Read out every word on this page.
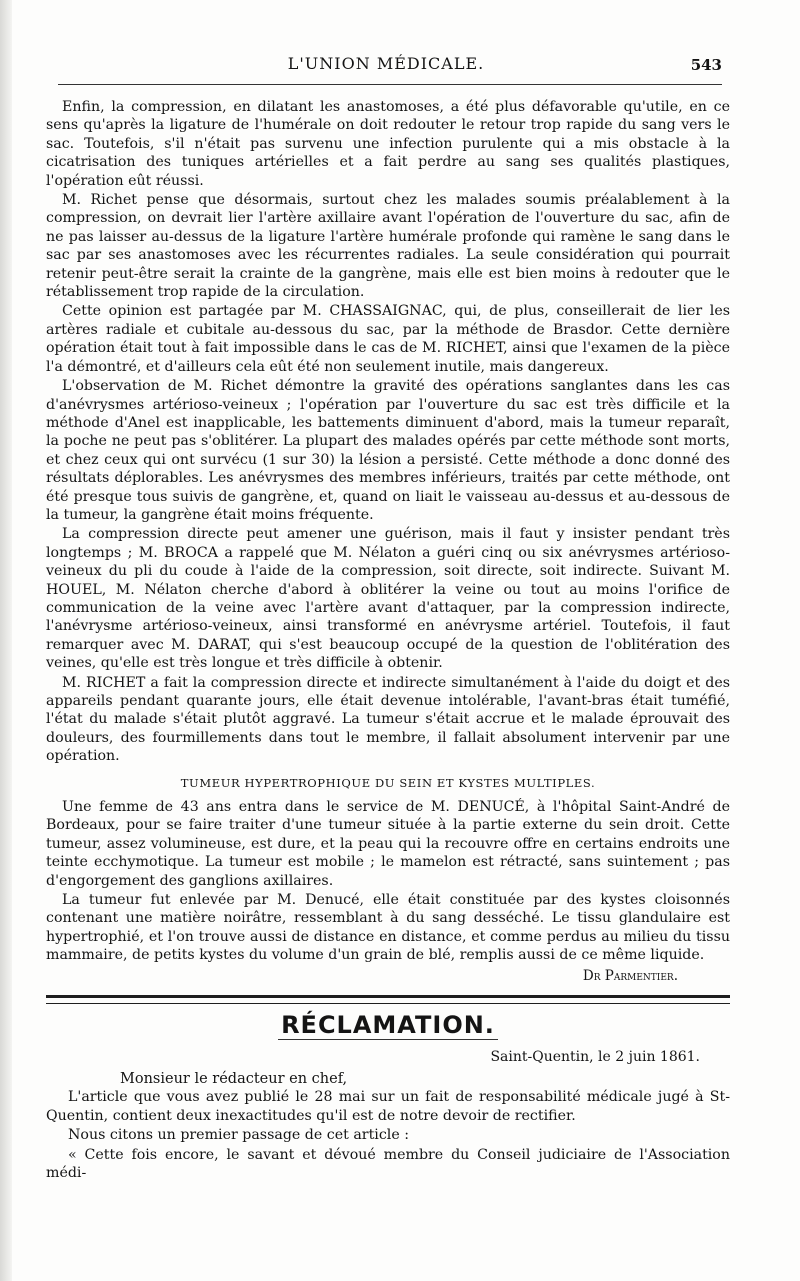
L'UNION MÉDICALE.	543

Enfin, la compression, en dilatant les anastomoses, a été plus défavorable qu'utile, en ce sens qu'après la ligature de l'humérale on doit redouter le retour trop rapide du sang vers le sac. Toutefois, s'il n'était pas survenu une infection purulente qui a mis obstacle à la cicatrisation des tuniques artérielles et a fait perdre au sang ses qualités plastiques, l'opération eût réussi.

M. Richet pense que désormais, surtout chez les malades soumis préalablement à la compression, on devrait lier l'artère axillaire avant l'opération de l'ouverture du sac, afin de ne pas laisser au-dessus de la ligature l'artère humérale profonde qui ramène le sang dans le sac par ses anastomoses avec les récurrentes radiales. La seule considération qui pourrait retenir peut-être serait la crainte de la gangrène, mais elle est bien moins à redouter que le rétablissement trop rapide de la circulation.

Cette opinion est partagée par M. CHASSAIGNAC, qui, de plus, conseillerait de lier les artères radiale et cubitale au-dessous du sac, par la méthode de Brasdor. Cette dernière opération était tout à fait impossible dans le cas de M. RICHET, ainsi que l'examen de la pièce l'a démontré, et d'ailleurs cela eût été non seulement inutile, mais dangereux.

L'observation de M. Richet démontre la gravité des opérations sanglantes dans les cas d'anévrysmes artérioso-veineux ; l'opération par l'ouverture du sac est très difficile et la méthode d'Anel est inapplicable, les battements diminuent d'abord, mais la tumeur reparaît, la poche ne peut pas s'oblitérer. La plupart des malades opérés par cette méthode sont morts, et chez ceux qui ont survécu (1 sur 30) la lésion a persisté. Cette méthode a donc donné des résultats déplorables. Les anévrysmes des membres inférieurs, traités par cette méthode, ont été presque tous suivis de gangrène, et, quand on liait le vaisseau au-dessus et au-dessous de la tumeur, la gangrène était moins fréquente.

La compression directe peut amener une guérison, mais il faut y insister pendant très longtemps ; M. BROCA a rappelé que M. Nélaton a guéri cinq ou six anévrysmes artérioso-veineux du pli du coude à l'aide de la compression, soit directe, soit indirecte. Suivant M. HOUEL, M. Nélaton cherche d'abord à oblitérer la veine ou tout au moins l'orifice de communication de la veine avec l'artère avant d'attaquer, par la compression indirecte, l'anévrysme artérioso-veineux, ainsi transformé en anévrysme artériel. Toutefois, il faut remarquer avec M. DARAT, qui s'est beaucoup occupé de la question de l'oblitération des veines, qu'elle est très longue et très difficile à obtenir.

M. RICHET a fait la compression directe et indirecte simultanément à l'aide du doigt et des appareils pendant quarante jours, elle était devenue intolérable, l'avant-bras était tuméfié, l'état du malade s'était plutôt aggravé. La tumeur s'était accrue et le malade éprouvait des douleurs, des fourmillements dans tout le membre, il fallait absolument intervenir par une opération.

TUMEUR HYPERTROPHIQUE DU SEIN ET KYSTES MULTIPLES.

Une femme de 43 ans entra dans le service de M. DENUCÉ, à l'hôpital Saint-André de Bordeaux, pour se faire traiter d'une tumeur située à la partie externe du sein droit. Cette tumeur, assez volumineuse, est dure, et la peau qui la recouvre offre en certains endroits une teinte ecchymotique. La tumeur est mobile ; le mamelon est rétracté, sans suintement ; pas d'engorgement des ganglions axillaires.

La tumeur fut enlevée par M. Denucé, elle était constituée par des kystes cloisonnés contenant une matière noirâtre, ressemblant à du sang desséché. Le tissu glandulaire est hypertrophié, et l'on trouve aussi de distance en distance, et comme perdus au milieu du tissu mammaire, de petits kystes du volume d'un grain de blé, remplis aussi de ce même liquide.

Dr Parmentier.
RÉCLAMATION.
Saint-Quentin, le 2 juin 1861.
Monsieur le rédacteur en chef,

L'article que vous avez publié le 28 mai sur un fait de responsabilité médicale jugé à St-Quentin, contient deux inexactitudes qu'il est de notre devoir de rectifier.

Nous citons un premier passage de cet article :

« Cette fois encore, le savant et dévoué membre du Conseil judiciaire de l'Association médi-
